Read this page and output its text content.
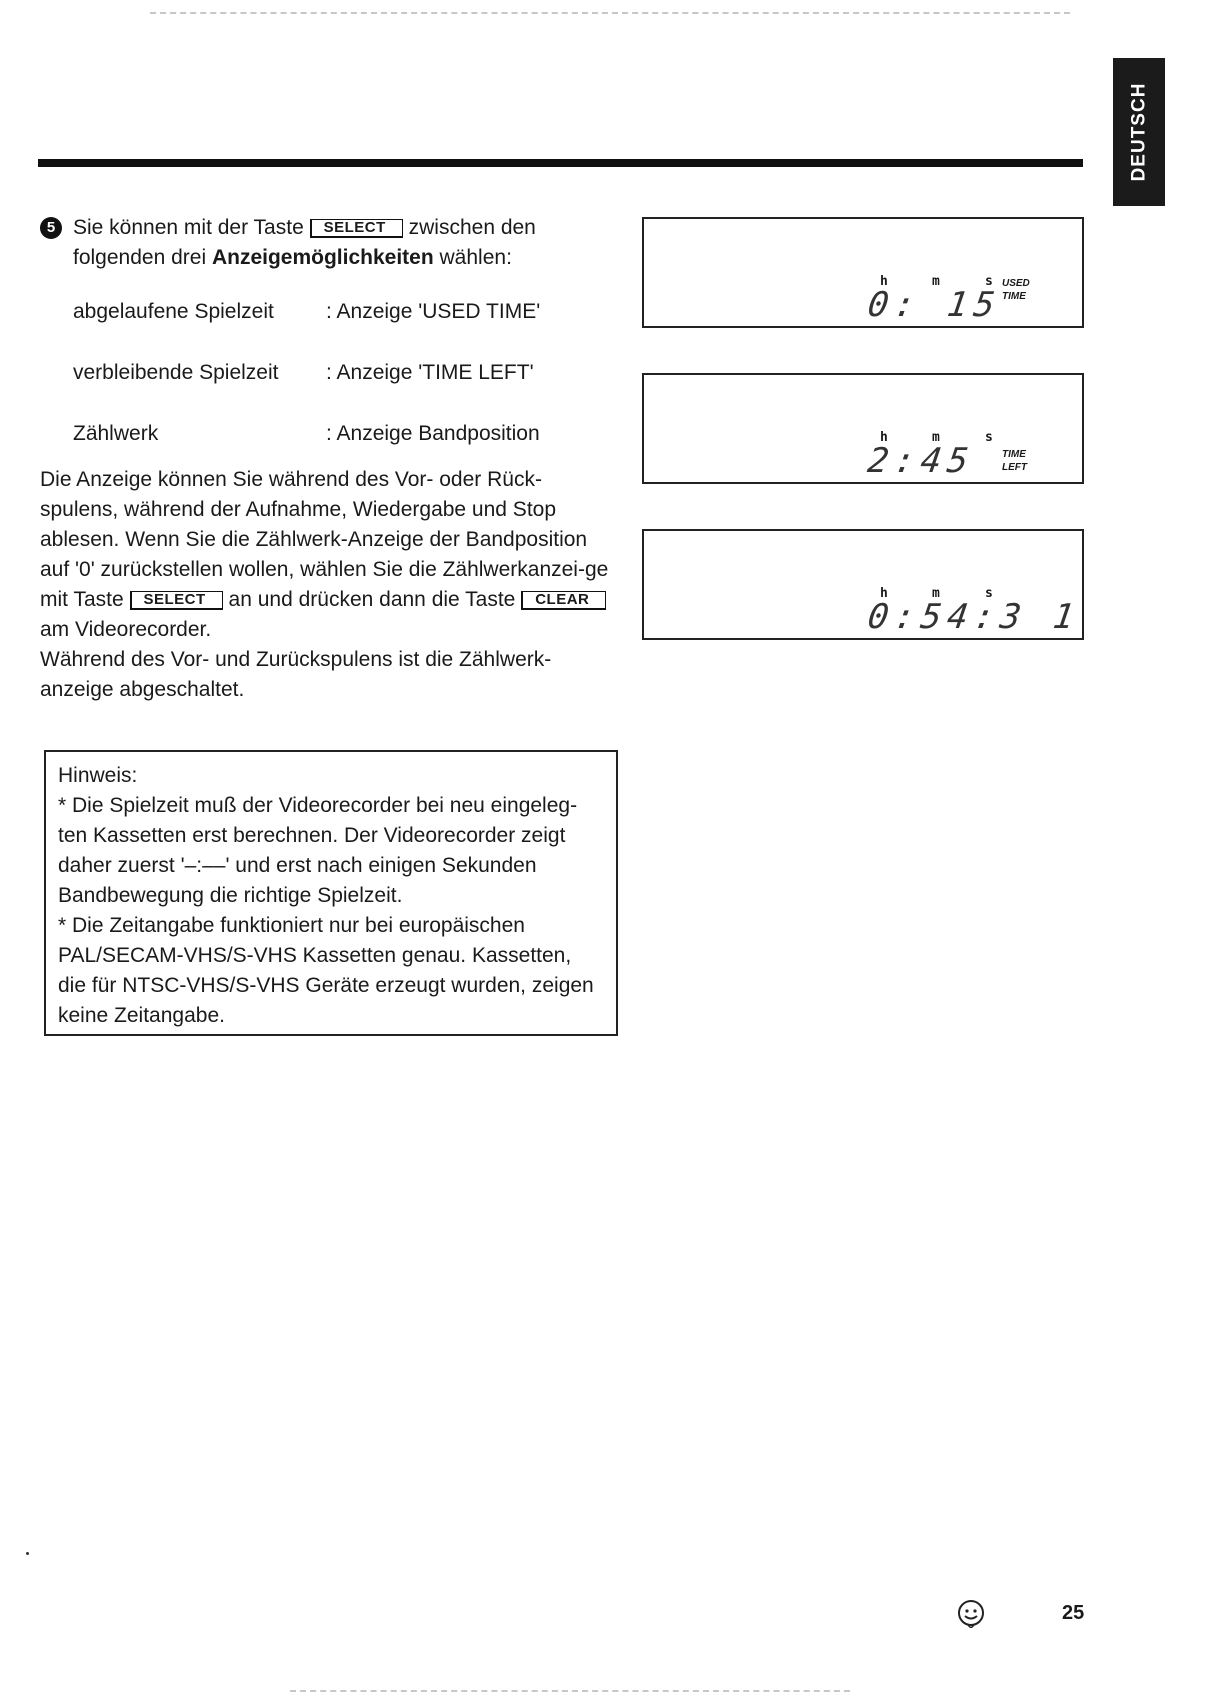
DEUTSCH
5 Sie können mit der Taste SELECT zwischen den
folgenden drei Anzeigemöglichkeiten wählen:
abgelaufene Spielzeit	: Anzeige 'USED TIME'
verbleibende Spielzeit	: Anzeige 'TIME LEFT'
Zählwerk	: Anzeige Bandposition
Die Anzeige können Sie während des Vor- oder Rück-spulens, während der Aufnahme, Wiedergabe und Stop ablesen. Wenn Sie die Zählwerk-Anzeige der Bandposition auf '0' zurückstellen wollen, wählen Sie die Zählwerkanzei-ge mit Taste SELECT an und drücken dann die Taste CLEAR am Videorecorder.
Während des Vor- und Zurückspulens ist die Zählwerk-anzeige abgeschaltet.
Hinweis:
* Die Spielzeit muß der Videorecorder bei neu eingeleg-ten Kassetten erst berechnen. Der Videorecorder zeigt daher zuerst '–:––' und erst nach einigen Sekunden Bandbewegung die richtige Spielzeit.
* Die Zeitangabe funktioniert nur bei europäischen PAL/SECAM-VHS/S-VHS Kassetten genau. Kassetten, die für NTSC-VHS/S-VHS Geräte erzeugt wurden, zeigen keine Zeitangabe.
h	m	s
0: 15
USED
TIME
h	m	s
2:45	TIME
LEFT
h	m	s
0:54:3 1
25
